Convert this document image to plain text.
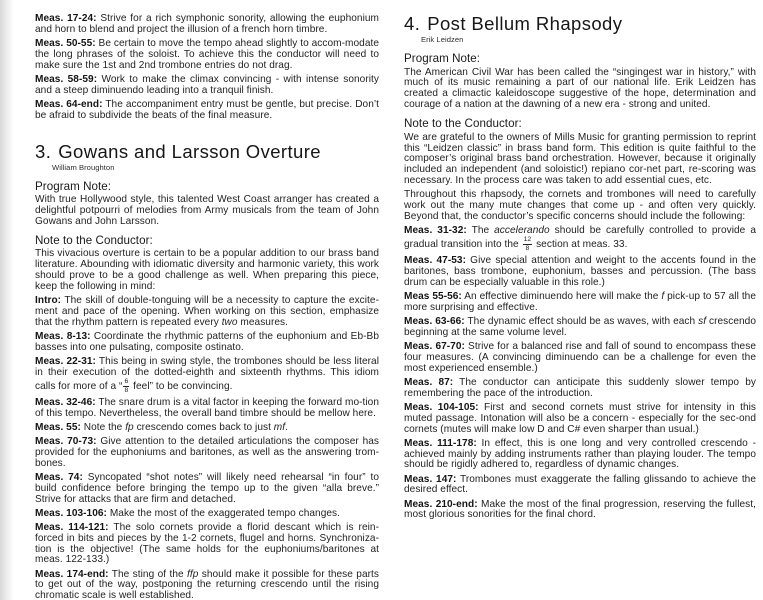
Meas. 17-24: Strive for a rich symphonic sonority, allowing the euphonium and horn to blend and project the illusion of a french horn timbre.

Meas. 50-55: Be certain to move the tempo ahead slightly to accom-modate the long phrases of the soloist. To achieve this the conductor will need to make sure the 1st and 2nd trombone entries do not drag.

Meas. 58-59: Work to make the climax convincing - with intense sonority and a steep diminuendo leading into a tranquil finish.

Meas. 64-end: The accompaniment entry must be gentle, but precise. Don’t be afraid to subdivide the beats of the final measure.

3. Gowans and Larsson Overture
William Broughton
Program Note:

With true Hollywood style, this talented West Coast arranger has created a delightful potpourri of melodies from Army musicals from the team of John Gowans and John Larsson.

Note to the Conductor:

This vivacious overture is certain to be a popular addition to our brass band literature. Abounding with idiomatic diversity and harmonic variety, this work should prove to be a good challenge as well. When preparing this piece, keep the following in mind:

Intro: The skill of double-tonguing will be a necessity to capture the excite-ment and pace of the opening. When working on this section, emphasize that the rhythm pattern is repeated every two measures.

Meas. 8-13: Coordinate the rhythmic patterns of the euphonium and Eb-Bb basses into one pulsating, composite ostinato.

Meas. 22-31: This being in swing style, the trombones should be less literal in their execution of the dotted-eighth and sixteenth rhythms. This idiom calls for more of a “ $\frac{6}{8}$ feel” to be convincing.

Meas. 32-46: The snare drum is a vital factor in keeping the forward mo-tion of this tempo. Nevertheless, the overall band timbre should be mellow here.

Meas. 55: Note the fp crescendo comes back to just mf.

Meas. 70-73: Give attention to the detailed articulations the composer has provided for the euphoniums and baritones, as well as the answering trom-bones.

Meas. 74: Syncopated “shot notes” will likely need rehearsal “in four” to build confidence before bringing the tempo up to the given “alla breve.” Strive for attacks that are firm and detached.

Meas. 103-106: Make the most of the exaggerated tempo changes.

Meas. 114-121: The solo cornets provide a florid descant which is rein-forced in bits and pieces by the 1-2 cornets, flugel and horns. Synchroniza-tion is the objective! (The same holds for the euphoniums/baritones at meas. 122-133.)

Meas. 174-end: The sting of the ffp should make it possible for these parts to get out of the way, postponing the returning crescendo until the rising chromatic scale is well established.

4. Post Bellum Rhapsody
Erik Leidzen
Program Note:

The American Civil War has been called the “singingest war in history,” with much of its music remaining a part of our national life. Erik Leidzen has created a climactic kaleidoscope suggestive of the hope, determination and courage of a nation at the dawning of a new era - strong and united.

Note to the Conductor:

We are grateful to the owners of Mills Music for granting permission to reprint this “Leidzen classic” in brass band form. This edition is quite faithful to the composer’s original brass band orchestration. However, because it originally included an independent (and soloistic!) repiano cor-net part, re-scoring was necessary. In the process care was taken to add essential cues, etc.

Throughout this rhapsody, the cornets and trombones will need to carefully work out the many mute changes that come up - and often very quickly. Beyond that, the conductor’s specific concerns should include the following:

Meas. 31-32: The accelerando should be carefully controlled to provide a gradual transition into the $\frac{12}{8}$ section at meas. 33.

Meas. 47-53: Give special attention and weight to the accents found in the baritones, bass trombone, euphonium, basses and percussion. (The bass drum can be especially valuable in this role.)

Meas 55-56: An effective diminuendo here will make the f pick-up to 57 all the more surprising and effective.

Meas. 63-66: The dynamic effect should be as waves, with each sf crescendo beginning at the same volume level.

Meas. 67-70: Strive for a balanced rise and fall of sound to encompass these four measures. (A convincing diminuendo can be a challenge for even the most experienced ensemble.)

Meas. 87: The conductor can anticipate this suddenly slower tempo by remembering the pace of the introduction.

Meas. 104-105: First and second cornets must strive for intensity in this muted passage. Intonation will also be a concern - especially for the sec-ond cornets (mutes will make low D and C# even sharper than usual.)

Meas. 111-178: In effect, this is one long and very controlled crescendo - achieved mainly by adding instruments rather than playing louder. The tempo should be rigidly adhered to, regardless of dynamic changes.

Meas. 147: Trombones must exaggerate the falling glissando to achieve the desired effect.

Meas. 210-end: Make the most of the final progression, reserving the fullest, most glorious sonorities for the final chord.
